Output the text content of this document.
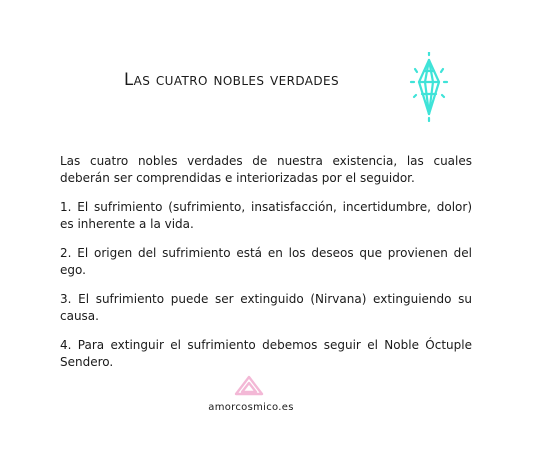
Las cuatro nobles verdades

Las cuatro nobles verdades de nuestra existencia, las cuales deberán ser comprendidas e interiorizadas por el seguidor.

1. El sufrimiento (sufrimiento, insatisfacción, incertidumbre, dolor) es inherente a la vida.

2. El origen del sufrimiento está en los deseos que provienen del ego.

3. El sufrimiento puede ser extinguido (Nirvana) extinguiendo su causa.

4. Para extinguir el sufrimiento debemos seguir el Noble Óctuple Sendero.

amorcosmico.es
